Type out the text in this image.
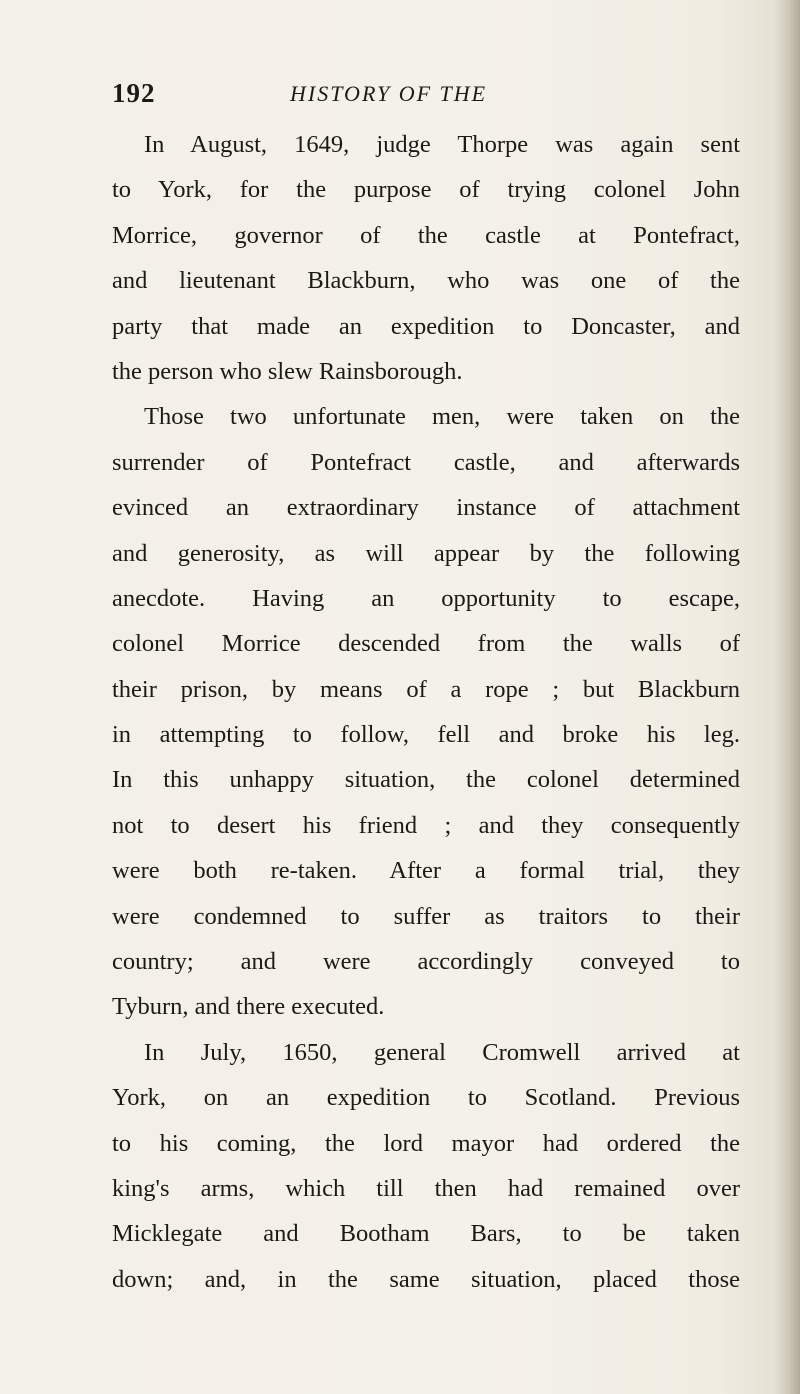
192	HISTORY OF THE
In August, 1649, judge Thorpe was again sent
to York, for the purpose of trying colonel John
Morrice, governor of the castle at Pontefract,
and lieutenant Blackburn, who was one of the
party that made an expedition to Doncaster, and
the person who slew Rainsborough.
Those two unfortunate men, were taken on the
surrender of Pontefract castle, and afterwards
evinced an extraordinary instance of attachment
and generosity, as will appear by the following
anecdote. Having an opportunity to escape,
colonel Morrice descended from the walls of
their prison, by means of a rope ; but Blackburn
in attempting to follow, fell and broke his leg.
In this unhappy situation, the colonel determined
not to desert his friend ; and they consequently
were both re-taken. After a formal trial, they
were condemned to suffer as traitors to their
country; and were accordingly conveyed to
Tyburn, and there executed.
In July, 1650, general Cromwell arrived at
York, on an expedition to Scotland. Previous
to his coming, the lord mayor had ordered the
king's arms, which till then had remained over
Micklegate and Bootham Bars, to be taken
down; and, in the same situation, placed those
